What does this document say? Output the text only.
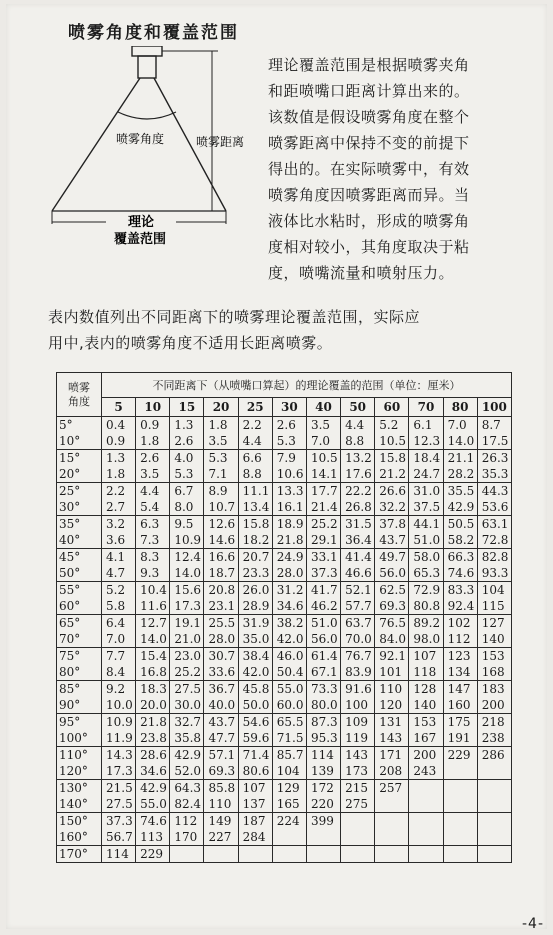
喷雾角度和覆盖范围
喷雾角度	喷雾距离
理论
覆盖范围
理论覆盖范围是根据喷雾夹角
和距喷嘴口距离计算出来的。
该数值是假设喷雾角度在整个
喷雾距离中保持不变的前提下
得出的。在实际喷雾中，有效
喷雾角度因喷雾距离而异。当
液体比水粘时，形成的喷雾角
度相对较小，其角度取决于粘
度，喷嘴流量和喷射压力。
表内数值列出不同距离下的喷雾理论覆盖范围，实际应
用中,表内的喷雾角度不适用长距离喷雾。
喷雾
角度	不同距离下（从喷嘴口算起）的理论覆盖的范围（单位：厘米）											
	5	10	15	20	25	30	40	50	60	70	80	100
5°	0.4	0.9	1.3	1.8	2.2	2.6	3.5	4.4	5.2	6.1	7.0	8.7
10°	0.9	1.8	2.6	3.5	4.4	5.3	7.0	8.8	10.5	12.3	14.0	17.5
15°	1.3	2.6	4.0	5.3	6.6	7.9	10.5	13.2	15.8	18.4	21.1	26.3
20°	1.8	3.5	5.3	7.1	8.8	10.6	14.1	17.6	21.2	24.7	28.2	35.3
25°	2.2	4.4	6.7	8.9	11.1	13.3	17.7	22.2	26.6	31.0	35.5	44.3
30°	2.7	5.4	8.0	10.7	13.4	16.1	21.4	26.8	32.2	37.5	42.9	53.6
35°	3.2	6.3	9.5	12.6	15.8	18.9	25.2	31.5	37.8	44.1	50.5	63.1
40°	3.6	7.3	10.9	14.6	18.2	21.8	29.1	36.4	43.7	51.0	58.2	72.8
45°	4.1	8.3	12.4	16.6	20.7	24.9	33.1	41.4	49.7	58.0	66.3	82.8
50°	4.7	9.3	14.0	18.7	23.3	28.0	37.3	46.6	56.0	65.3	74.6	93.3
55°	5.2	10.4	15.6	20.8	26.0	31.2	41.7	52.1	62.5	72.9	83.3	104
60°	5.8	11.6	17.3	23.1	28.9	34.6	46.2	57.7	69.3	80.8	92.4	115
65°	6.4	12.7	19.1	25.5	31.9	38.2	51.0	63.7	76.5	89.2	102	127
70°	7.0	14.0	21.0	28.0	35.0	42.0	56.0	70.0	84.0	98.0	112	140
75°	7.7	15.4	23.0	30.7	38.4	46.0	61.4	76.7	92.1	107	123	153
80°	8.4	16.8	25.2	33.6	42.0	50.4	67.1	83.9	101	118	134	168
85°	9.2	18.3	27.5	36.7	45.8	55.0	73.3	91.6	110	128	147	183
90°	10.0	20.0	30.0	40.0	50.0	60.0	80.0	100	120	140	160	200
95°	10.9	21.8	32.7	43.7	54.6	65.5	87.3	109	131	153	175	218
100°	11.9	23.8	35.8	47.7	59.6	71.5	95.3	119	143	167	191	238
110°	14.3	28.6	42.9	57.1	71.4	85.7	114	143	171	200	229	286
120°	17.3	34.6	52.0	69.3	80.6	104	139	173	208	243		
130°	21.5	42.9	64.3	85.8	107	129	172	215	257			
140°	27.5	55.0	82.4	110	137	165	220	275				
150°	37.3	74.6	112	149	187	224	399					
160°	56.7	113	170	227	284							
170°	114	229										
-4-
